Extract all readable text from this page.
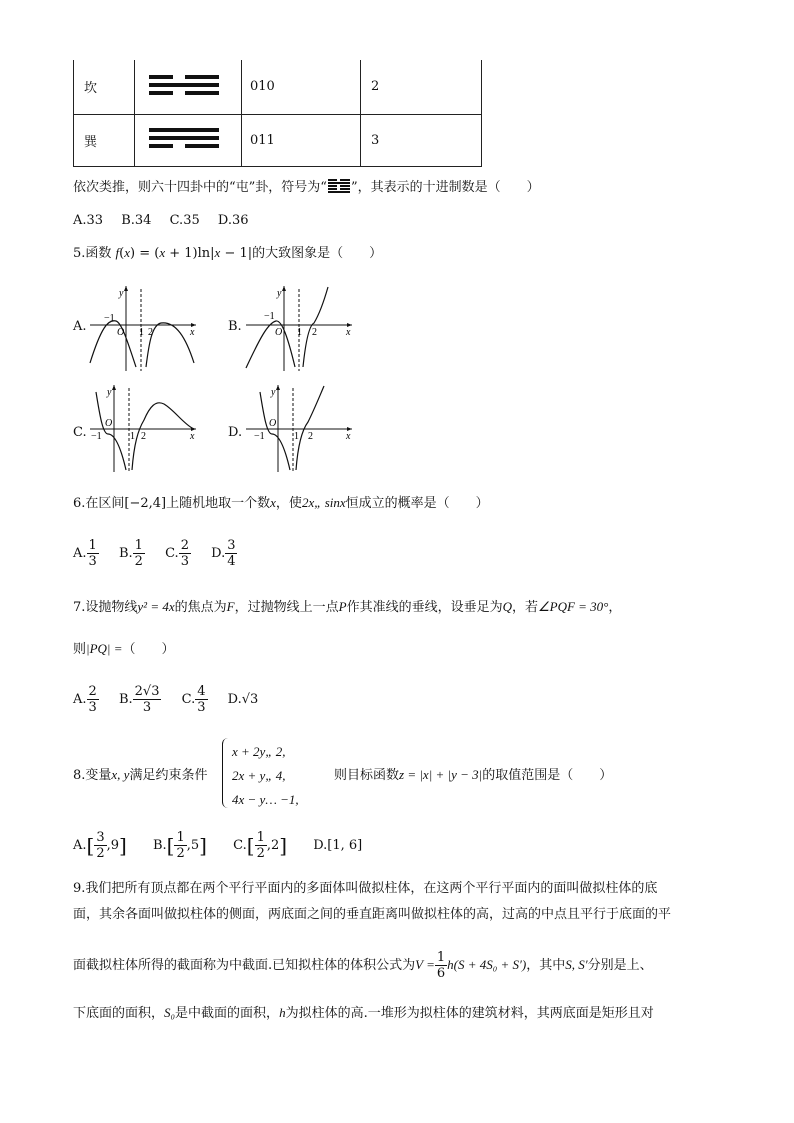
坎		010	2
巽		011	3
依次类推，则六十四卦中的“屯”卦，符号为“ ”，其表示的十进制数是（　　）
A.33 B.34 C.35 D.36
5.函数 f(x) = (x + 1)ln|x − 1|的大致图象是（　　）
A.	B.
C.	D.
y
x
O
−1
1 2
y
x
O
−1
1 2
y
x
O
−1	1 2
y
x
O
−1	1 2
6.在区间[−2,4]上随机地取一个数x，使2x„ sinx恒成立的概率是（　　）
A. $\frac{1}{3} B$. $\frac{1}{2} C$. $\frac{2}{3} D$. $\frac{3}{4}$
7.设抛物线y² = 4x的焦点为F，过抛物线上一点P作其准线的垂线，设垂足为Q，若∠PQF = 30°，
则|PQ| =（　　）
A. $\frac{2}{3} B$. $\frac{2√3}{3} C$. $\frac{4}{3} D.√3$
8.变量x, y满足约束条件
x + 2y„ 2,
2x + y„ 4,
4x − y… −1,
则目标函数z = |x| + |y − 3|的取值范围是（　　）
$A.[ \frac{3}{2} ,9]$ $B.[ \frac{1}{2} ,5]$ $C.[ \frac{1}{2} ,2]$ D.[1, 6]
9.我们把所有顶点都在两个平行平面内的多面体叫做拟柱体，在这两个平行平面内的面叫做拟柱体的底
面，其余各面叫做拟柱体的侧面，两底面之间的垂直距离叫做拟柱体的高，过高的中点且平行于底面的平
面截拟柱体所得的截面称为中截面.已知拟柱体的体积公式为$V = \frac{1}{6} h(S + 4S_0 + S')$，其中S, S′分别是上、
下底面的面积，S₀是中截面的面积，h为拟柱体的高.一堆形为拟柱体的建筑材料，其两底面是矩形且对
